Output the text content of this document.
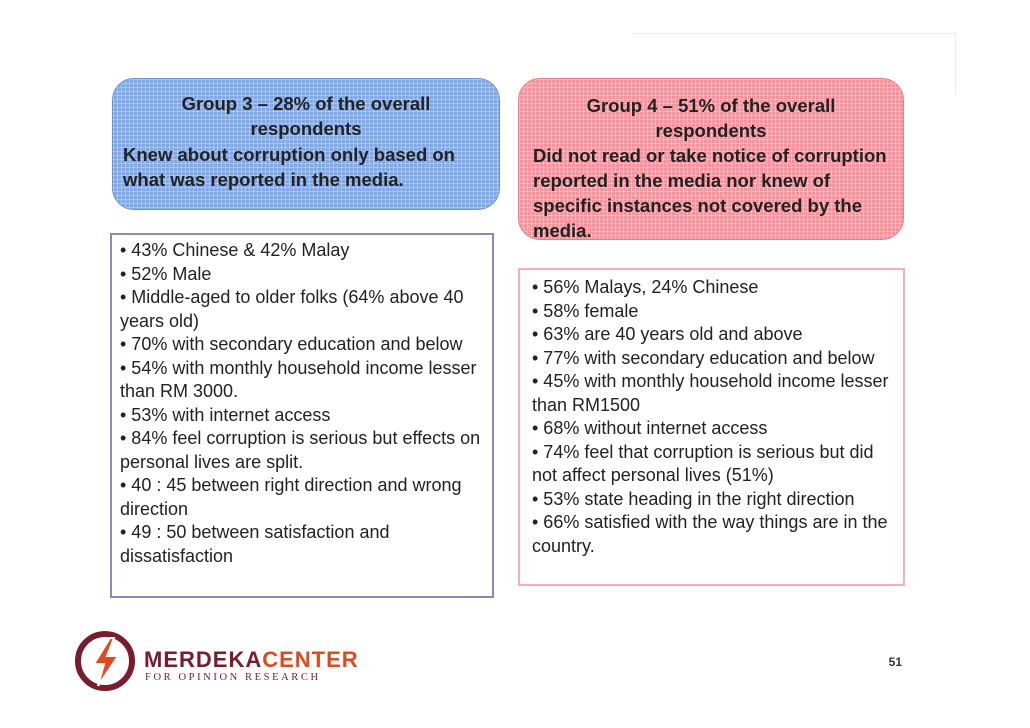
Group 3 – 28% of the overall respondents
Knew about corruption only based on what was reported in the media.
Group 4 – 51% of the overall respondents
Did not read or take notice of corruption reported in the media nor knew of specific instances not covered by the media.
• 43% Chinese & 42% Malay
• 52% Male
• Middle-aged to older folks (64% above 40 years old)
• 70% with secondary education and below
• 54% with monthly household income lesser than RM 3000.
• 53% with internet access
• 84% feel corruption is serious but effects on personal lives are split.
• 40 : 45 between right direction and wrong direction
• 49 : 50 between satisfaction and dissatisfaction
• 56% Malays, 24% Chinese
• 58% female
• 63% are 40 years old and above
• 77% with secondary education and below
• 45% with monthly household income lesser than RM1500
• 68% without internet access
• 74% feel that corruption is serious but did not affect personal lives (51%)
• 53% state heading in the right direction
• 66% satisfied with the way things are in the country.
MERDEKACENTER
FOR OPINION RESEARCH
51
